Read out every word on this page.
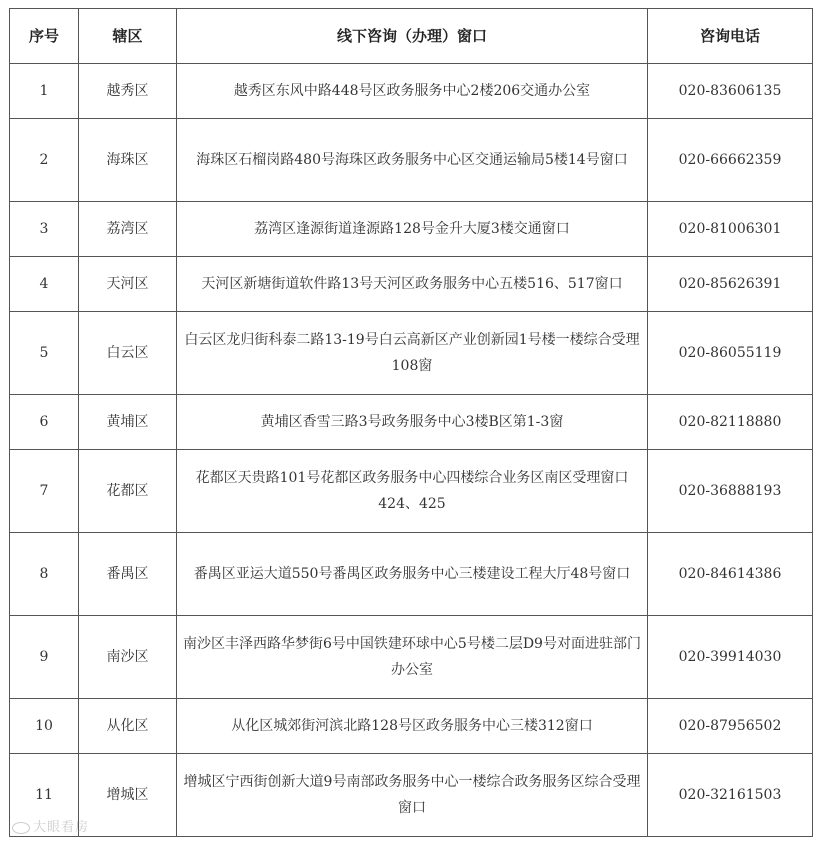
序号	辖区	线下咨询（办理）窗口	咨询电话
1	越秀区	越秀区东风中路448号区政务服务中心2楼206交通办公室	020-83606135
2	海珠区	海珠区石榴岗路480号海珠区政务服务中心区交通运输局5楼14号窗口	020-66662359
3	荔湾区	荔湾区逢源街道逢源路128号金升大厦3楼交通窗口	020-81006301
4	天河区	天河区新塘街道软件路13号天河区政务服务中心五楼516、517窗口	020-85626391
5	白云区	白云区龙归街科泰二路13-19号白云高新区产业创新园1号楼一楼综合受理108窗	020-86055119
6	黄埔区	黄埔区香雪三路3号政务服务中心3楼B区第1-3窗	020-82118880
7	花都区	花都区天贵路101号花都区政务服务中心四楼综合业务区南区受理窗口424、425	020-36888193
8	番禺区	番禺区亚运大道550号番禺区政务服务中心三楼建设工程大厅48号窗口	020-84614386
9	南沙区	南沙区丰泽西路华梦街6号中国铁建环球中心5号楼二层D9号对面进驻部门办公室	020-39914030
10	从化区	从化区城郊街河滨北路128号区政务服务中心三楼312窗口	020-87956502
11	增城区	增城区宁西街创新大道9号南部政务服务中心一楼综合政务服务区综合受理窗口	020-32161503
大眼看房
